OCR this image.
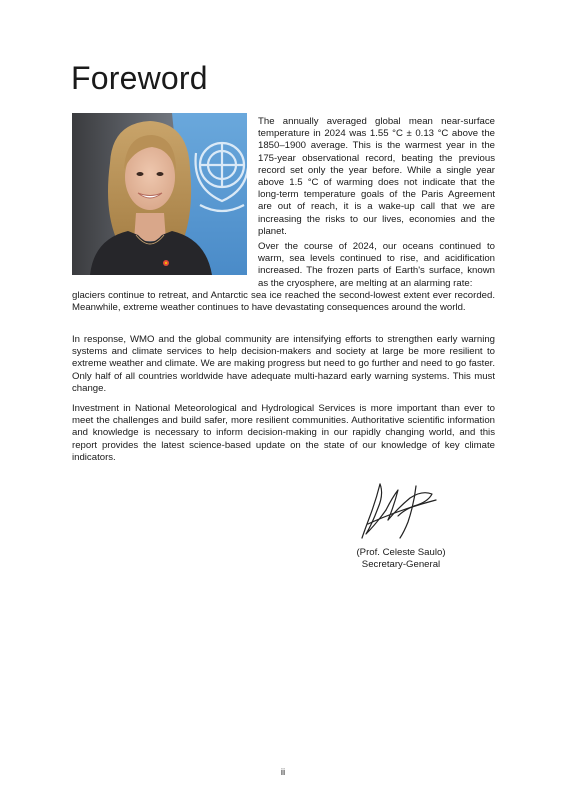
Foreword

The annually averaged global mean near-surface temperature in 2024 was 1.55 °C ± 0.13 °C above the 1850–1900 average. This is the warmest year in the 175-year observational record, beating the previous record set only the year before. While a single year above 1.5 °C of warming does not indicate that the long-term temperature goals of the Paris Agreement are out of reach, it is a wake-up call that we are increasing the risks to our lives, economies and the planet.

Over the course of 2024, our oceans continued to warm, sea levels continued to rise, and acidification increased. The frozen parts of Earth's surface, known as the cryosphere, are melting at an alarming rate:

glaciers continue to retreat, and Antarctic sea ice reached the second-lowest extent ever recorded. Meanwhile, extreme weather continues to have devastating consequences around the world.

In response, WMO and the global community are intensifying efforts to strengthen early warning systems and climate services to help decision-makers and society at large be more resilient to extreme weather and climate. We are making progress but need to go further and need to go faster. Only half of all countries worldwide have adequate multi-hazard early warning systems. This must change.

Investment in National Meteorological and Hydrological Services is more important than ever to meet the challenges and build safer, more resilient communities. Authoritative scientific information and knowledge is necessary to inform decision-making in our rapidly changing world, and this report provides the latest science-based update on the state of our knowledge of key climate indicators.

(Prof. Celeste Saulo)
Secretary-General
ii
